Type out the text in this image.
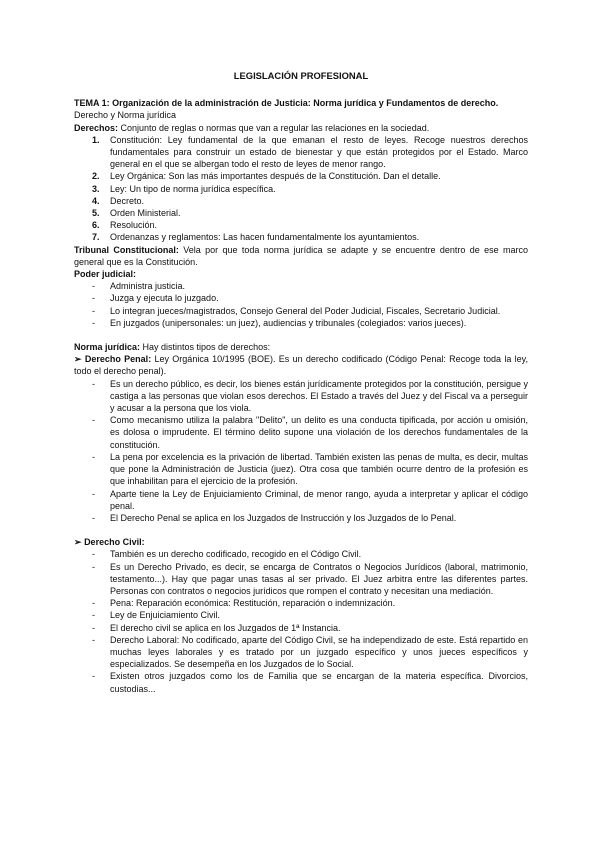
LEGISLACIÓN PROFESIONAL
TEMA 1: Organización de la administración de Justicia: Norma jurídica y Fundamentos de derecho.

Derecho y Norma jurídica

Derechos: Conjunto de reglas o normas que van a regular las relaciones en la sociedad.

1. Constitución: Ley fundamental de la que emanan el resto de leyes. Recoge nuestros derechos fundamentales para construir un estado de bienestar y que están protegidos por el Estado. Marco general en el que se albergan todo el resto de leyes de menor rango.
2. Ley Orgánica: Son las más importantes después de la Constitución. Dan el detalle.
3. Ley: Un tipo de norma jurídica específica.
4. Decreto.
5. Orden Ministerial.
6. Resolución.
7. Ordenanzas y reglamentos: Las hacen fundamentalmente los ayuntamientos.

Tribunal Constitucional: Vela por que toda norma jurídica se adapte y se encuentre dentro de ese marco general que es la Constitución.

Poder judicial:

- Administra justicia.
- Juzga y ejecuta lo juzgado.
- Lo integran jueces/magistrados, Consejo General del Poder Judicial, Fiscales, Secretario Judicial.
- En juzgados (unipersonales: un juez), audiencias y tribunales (colegiados: varios jueces).

Norma jurídica: Hay distintos tipos de derechos:

➢ Derecho Penal: Ley Orgánica 10/1995 (BOE). Es un derecho codificado (Código Penal: Recoge toda la ley, todo el derecho penal).

- Es un derecho público, es decir, los bienes están jurídicamente protegidos por la constitución, persigue y castiga a las personas que violan esos derechos. El Estado a través del Juez y del Fiscal va a perseguir y acusar a la persona que los viola.
- Como mecanismo utiliza la palabra "Delito", un delito es una conducta tipificada, por acción u omisión, es dolosa o imprudente. El término delito supone una violación de los derechos fundamentales de la constitución.
- La pena por excelencia es la privación de libertad. También existen las penas de multa, es decir, multas que pone la Administración de Justicia (juez). Otra cosa que también ocurre dentro de la profesión es que inhabilitan para el ejercicio de la profesión.
- Aparte tiene la Ley de Enjuiciamiento Criminal, de menor rango, ayuda a interpretar y aplicar el código penal.
- El Derecho Penal se aplica en los Juzgados de Instrucción y los Juzgados de lo Penal.

➢ Derecho Civil:

- También es un derecho codificado, recogido en el Código Civil.
- Es un Derecho Privado, es decir, se encarga de Contratos o Negocios Jurídicos (laboral, matrimonio, testamento...). Hay que pagar unas tasas al ser privado. El Juez arbitra entre las diferentes partes. Personas con contratos o negocios jurídicos que rompen el contrato y necesitan una mediación.
- Pena: Reparación económica: Restitución, reparación o indemnización.
- Ley de Enjuiciamiento Civil.
- El derecho civil se aplica en los Juzgados de 1ª Instancia.
- Derecho Laboral: No codificado, aparte del Código Civil, se ha independizado de este. Está repartido en muchas leyes laborales y es tratado por un juzgado específico y unos jueces específicos y especializados. Se desempeña en los Juzgados de lo Social.
- Existen otros juzgados como los de Familia que se encargan de la materia específica. Divorcios, custodias...
